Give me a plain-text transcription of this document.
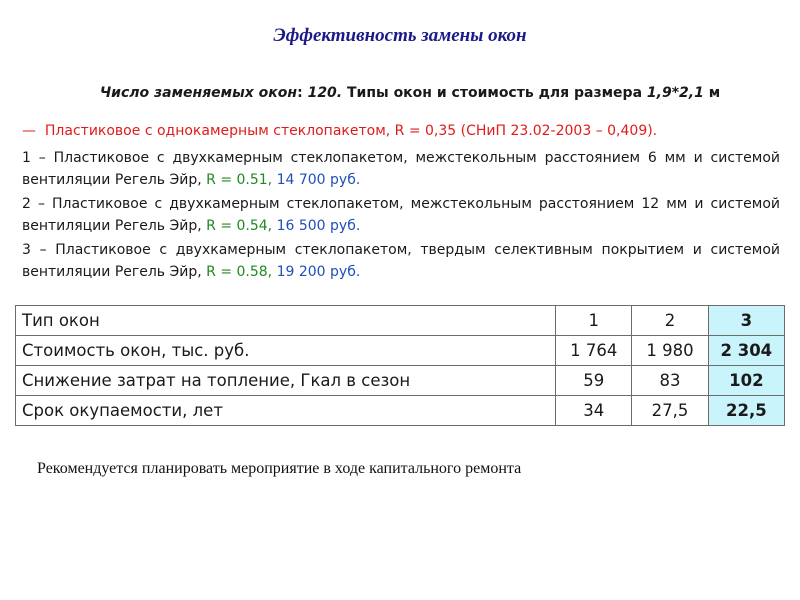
Эффективность замены окон
Число заменяемых окон: 120. Типы окон и стоимость для размера 1,9*2,1 м
— Пластиковое с однокамерным стеклопакетом, R = 0,35 (СНиП 23.02-2003 – 0,409).
1 – Пластиковое с двухкамерным стеклопакетом, межстекольным расстоянием 6 мм и системой вентиляции Регель Эйр, R = 0.51, 14 700 руб.
2 – Пластиковое с двухкамерным стеклопакетом, межстекольным расстоянием 12 мм и системой вентиляции Регель Эйр, R = 0.54, 16 500 руб.
3 – Пластиковое с двухкамерным стеклопакетом, твердым селективным покрытием и системой вентиляции Регель Эйр, R = 0.58, 19 200 руб.
Тип окон	1	2	3
Стоимость окон, тыс. руб.	1 764	1 980	2 304
Снижение затрат на топление, Гкал в сезон	59	83	102
Срок окупаемости, лет	34	27,5	22,5
Рекомендуется планировать мероприятие в ходе капитального ремонта
